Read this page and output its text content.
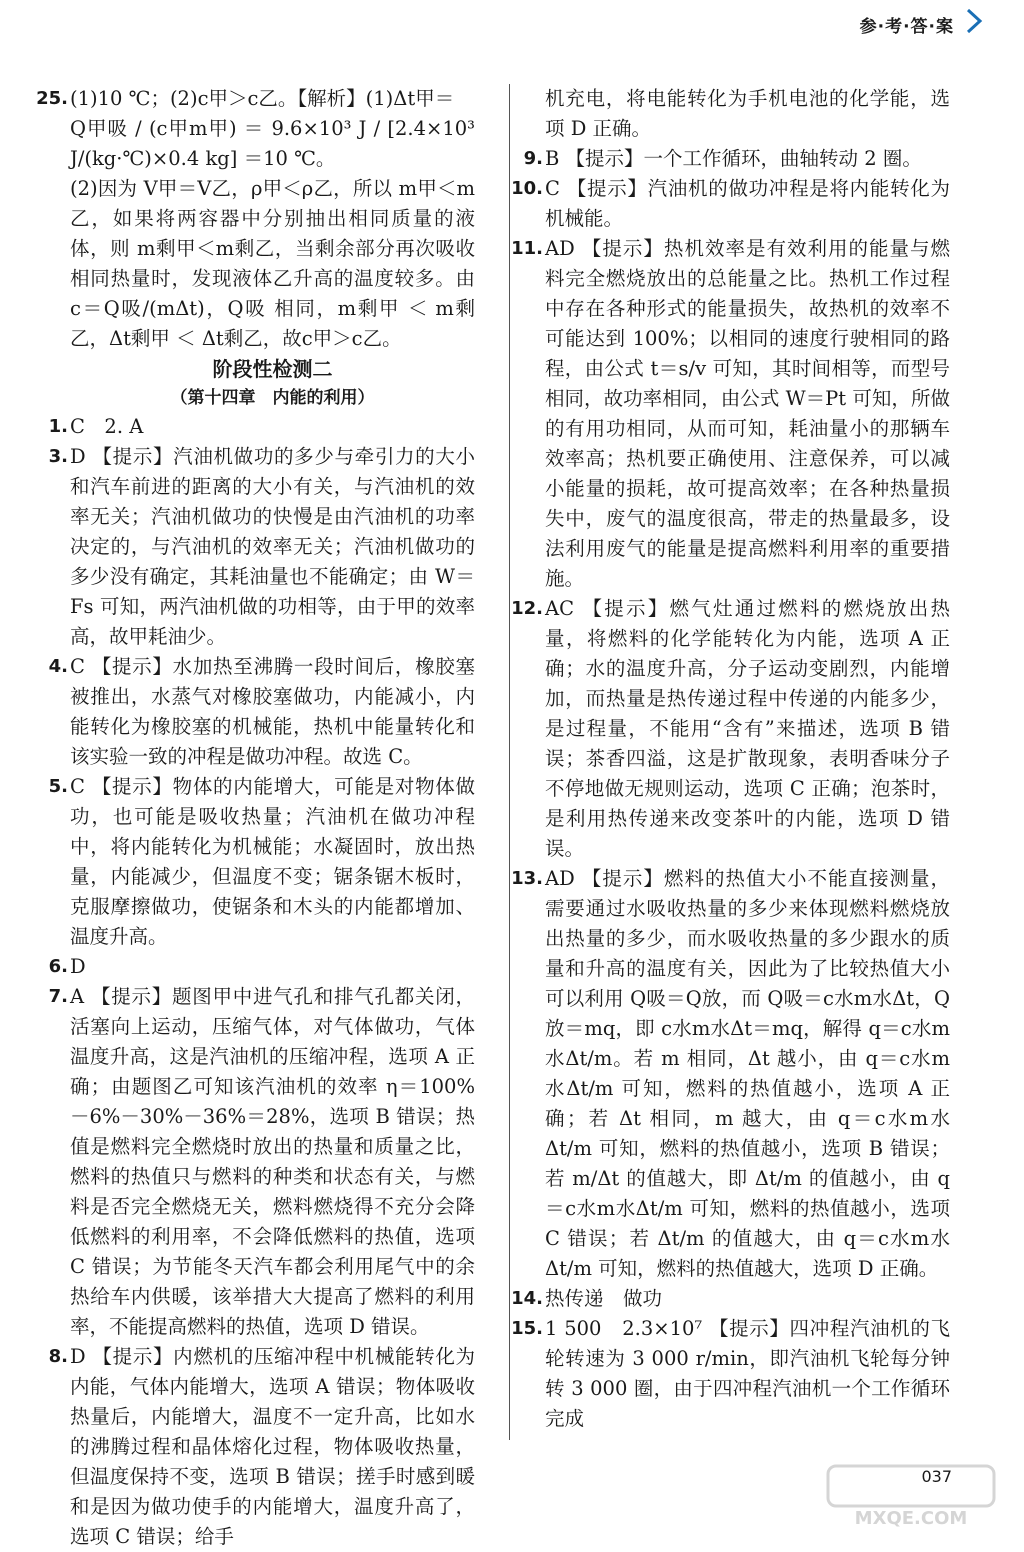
参·考·答·案
25. (1)10 ℃；(2)c甲＞c乙。【解析】(1)Δt甲＝
Q甲吸 / (c甲m甲) ＝ 9.6×10³ J / [2.4×10³ J/(kg·℃)×0.4 kg] ＝10 ℃。
(2)因为 V甲＝V乙，ρ甲＜ρ乙，所以 m甲＜m乙，如果将两容器中分别抽出相同质量的液体，则 m剩甲＜m剩乙，当剩余部分再次吸收相同热量时，发现液体乙升高的温度较多。由 c＝Q吸/(mΔt)，Q吸 相同，m剩甲 ＜ m剩乙，Δt剩甲 ＜ Δt剩乙，故c甲＞c乙。
阶段性检测二
（第十四章　内能的利用）
1. C　2. A
3. D 【提示】汽油机做功的多少与牵引力的大小和汽车前进的距离的大小有关，与汽油机的效率无关；汽油机做功的快慢是由汽油机的功率决定的，与汽油机的效率无关；汽油机做功的多少没有确定，其耗油量也不能确定；由 W＝Fs 可知，两汽油机做的功相等，由于甲的效率高，故甲耗油少。
4. C 【提示】水加热至沸腾一段时间后，橡胶塞被推出，水蒸气对橡胶塞做功，内能减小，内能转化为橡胶塞的机械能，热机中能量转化和该实验一致的冲程是做功冲程。故选 C。
5. C 【提示】物体的内能增大，可能是对物体做功，也可能是吸收热量；汽油机在做功冲程中，将内能转化为机械能；水凝固时，放出热量，内能减少，但温度不变；锯条锯木板时，克服摩擦做功，使锯条和木头的内能都增加、温度升高。
6. D
7. A 【提示】题图甲中进气孔和排气孔都关闭，活塞向上运动，压缩气体，对气体做功，气体温度升高，这是汽油机的压缩冲程，选项 A 正确；由题图乙可知该汽油机的效率 η＝100%－6%－30%－36%＝28%，选项 B 错误；热值是燃料完全燃烧时放出的热量和质量之比，燃料的热值只与燃料的种类和状态有关，与燃料是否完全燃烧无关，燃料燃烧得不充分会降低燃料的利用率，不会降低燃料的热值，选项 C 错误；为节能冬天汽车都会利用尾气中的余热给车内供暖，该举措大大提高了燃料的利用率，不能提高燃料的热值，选项 D 错误。
8. D 【提示】内燃机的压缩冲程中机械能转化为内能，气体内能增大，选项 A 错误；物体吸收热量后，内能增大，温度不一定升高，比如水的沸腾过程和晶体熔化过程，物体吸收热量，但温度保持不变，选项 B 错误；搓手时感到暖和是因为做功使手的内能增大，温度升高了，选项 C 错误；给手
机充电，将电能转化为手机电池的化学能，选项 D 正确。
9. B 【提示】一个工作循环，曲轴转动 2 圈。
10. C 【提示】汽油机的做功冲程是将内能转化为机械能。
11. AD 【提示】热机效率是有效利用的能量与燃料完全燃烧放出的总能量之比。热机工作过程中存在各种形式的能量损失，故热机的效率不可能达到 100%；以相同的速度行驶相同的路程，由公式 t＝s/v 可知，其时间相等，而型号相同，故功率相同，由公式 W＝Pt 可知，所做的有用功相同，从而可知，耗油量小的那辆车效率高；热机要正确使用、注意保养，可以减小能量的损耗，故可提高效率；在各种热量损失中，废气的温度很高，带走的热量最多，设法利用废气的能量是提高燃料利用率的重要措施。
12. AC 【提示】燃气灶通过燃料的燃烧放出热量，将燃料的化学能转化为内能，选项 A 正确；水的温度升高，分子运动变剧烈，内能增加，而热量是热传递过程中传递的内能多少，是过程量，不能用“含有”来描述，选项 B 错误；茶香四溢，这是扩散现象，表明香味分子不停地做无规则运动，选项 C 正确；泡茶时，是利用热传递来改变茶叶的内能，选项 D 错误。
13. AD 【提示】燃料的热值大小不能直接测量，需要通过水吸收热量的多少来体现燃料燃烧放出热量的多少，而水吸收热量的多少跟水的质量和升高的温度有关，因此为了比较热值大小可以利用 Q吸＝Q放，而 Q吸＝c水m水Δt，Q放＝mq，即 c水m水Δt＝mq，解得 q＝c水m水Δt/m。若 m 相同，Δt 越小，由 q＝c水m水Δt/m 可知，燃料的热值越小，选项 A 正确；若 Δt 相同，m 越大，由 q＝c水m水Δt/m 可知，燃料的热值越小，选项 B 错误；若 m/Δt 的值越大，即 Δt/m 的值越小，由 q＝c水m水Δt/m 可知，燃料的热值越小，选项 C 错误；若 Δt/m 的值越大，由 q＝c水m水Δt/m 可知，燃料的热值越大，选项 D 正确。
14. 热传递　做功
15. 1 500　2.3×10⁷ 【提示】四冲程汽油机的飞轮转速为 3 000 r/min，即汽油机飞轮每分钟转 3 000 圈，由于四冲程汽油机一个工作循环完成
037
MXQE.COM
